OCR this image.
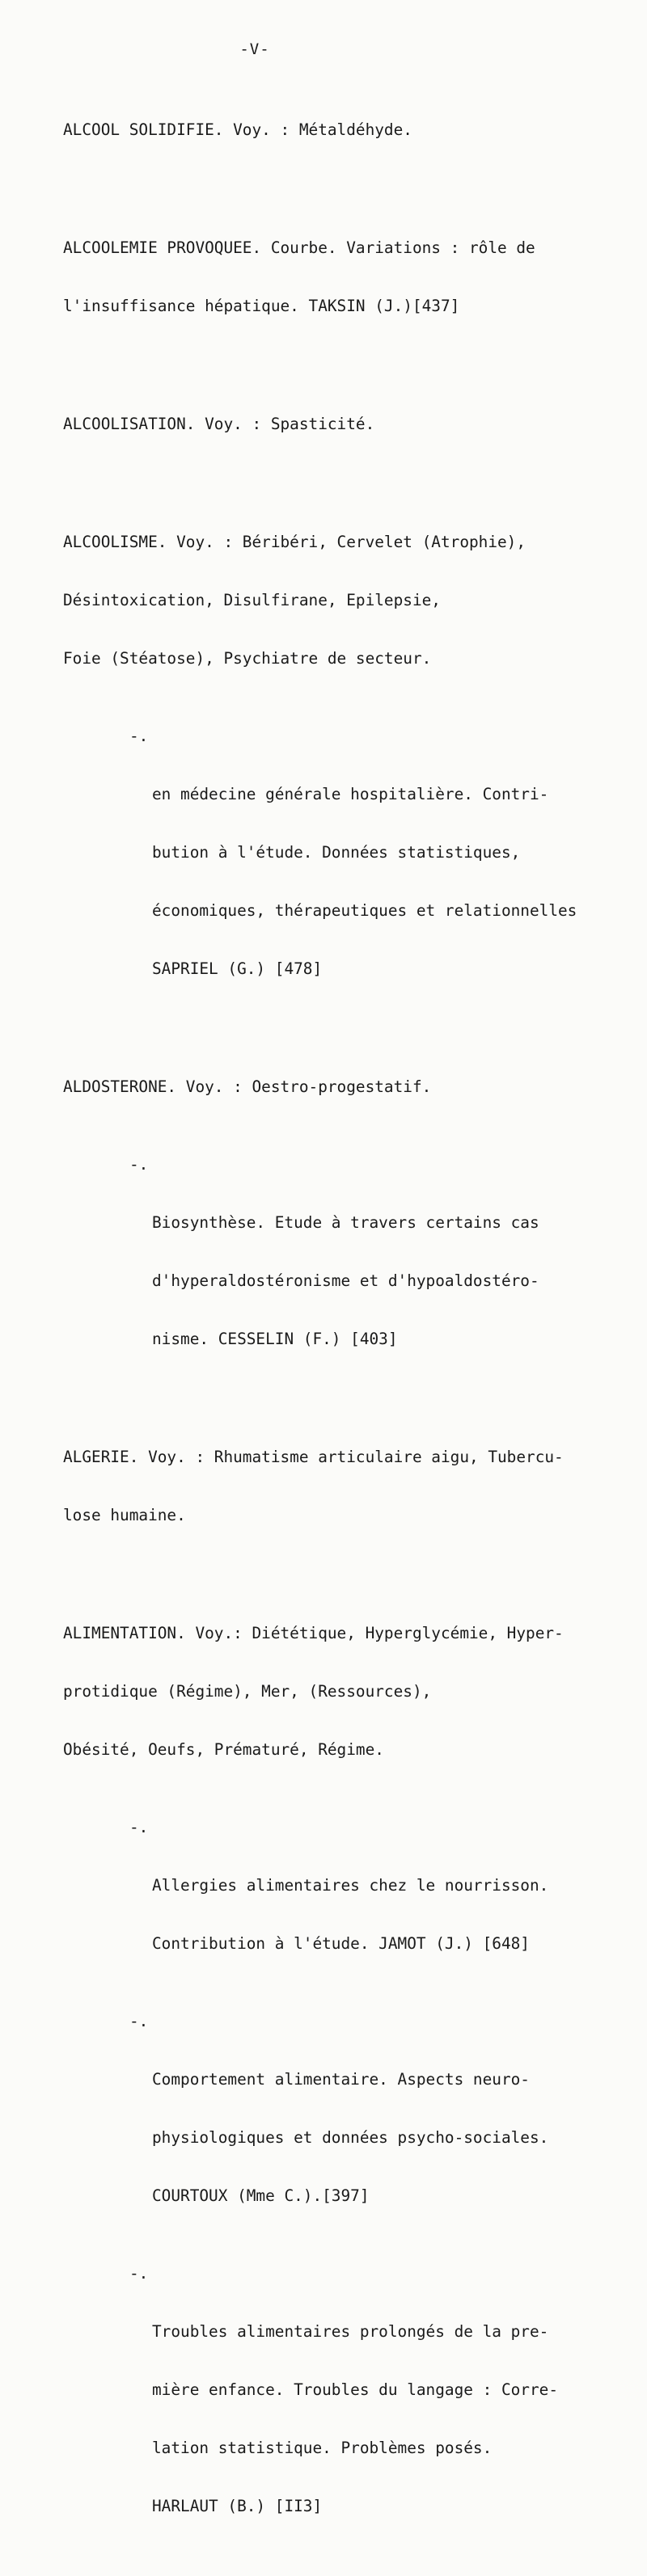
-V-

ALCOOL SOLIDIFIE. Voy. : Métaldéhyde.

ALCOOLEMIE PROVOQUEE. Courbe. Variations : rôle de

l'insuffisance hépatique. TAKSIN (J.)[437]

ALCOOLISATION. Voy. : Spasticité.

ALCOOLISME. Voy. : Béribéri, Cervelet (Atrophie),

Désintoxication, Disulfirane, Epilepsie,

Foie (Stéatose), Psychiatre de secteur.

-.

en médecine générale hospitalière. Contri-

bution à l'étude. Données statistiques,

économiques, thérapeutiques et relationnelles

SAPRIEL (G.) [478]

ALDOSTERONE. Voy. : Oestro-progestatif.

-.

Biosynthèse. Etude à travers certains cas

d'hyperaldostéronisme et d'hypoaldostéro-

nisme. CESSELIN (F.) [403]

ALGERIE. Voy. : Rhumatisme articulaire aigu, Tubercu-

lose humaine.

ALIMENTATION. Voy.: Diététique, Hyperglycémie, Hyper-

protidique (Régime), Mer, (Ressources),

Obésité, Oeufs, Prématuré, Régime.

-.

Allergies alimentaires chez le nourrisson.

Contribution à l'étude. JAMOT (J.) [648]

-.

Comportement alimentaire. Aspects neuro-

physiologiques et données psycho-sociales.

COURTOUX (Mme C.).[397]

-.

Troubles alimentaires prolongés de la pre-

mière enfance. Troubles du langage : Corre-

lation statistique. Problèmes posés.

HARLAUT (B.) [II3]
